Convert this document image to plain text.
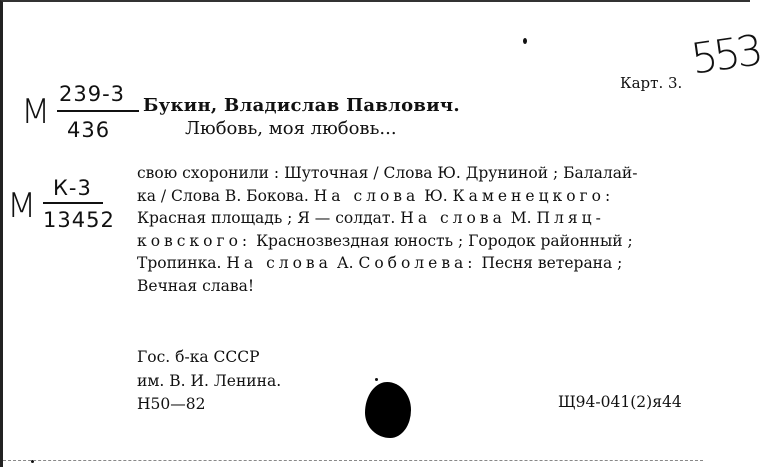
М 239-3
436
М К-3
13452
Карт. 3. 553
Букин, Владислав Павлович.
Любовь, моя любовь...
свою схоронили : Шуточная / Слова Ю. Друниной ; Балалай-
ка / Слова В. Бокова. На слова Ю. Каменецкого:
Красная площадь ; Я — солдат. На слова М. Пляц-
ковского: Краснозвездная юность ; Городок районный ;
Тропинка. На слова А. Соболева: Песня ветерана ;
Вечная слава!
Гос. б-ка СССР
им. В. И. Ленина.
Н50—82	Щ94-041(2)я44
